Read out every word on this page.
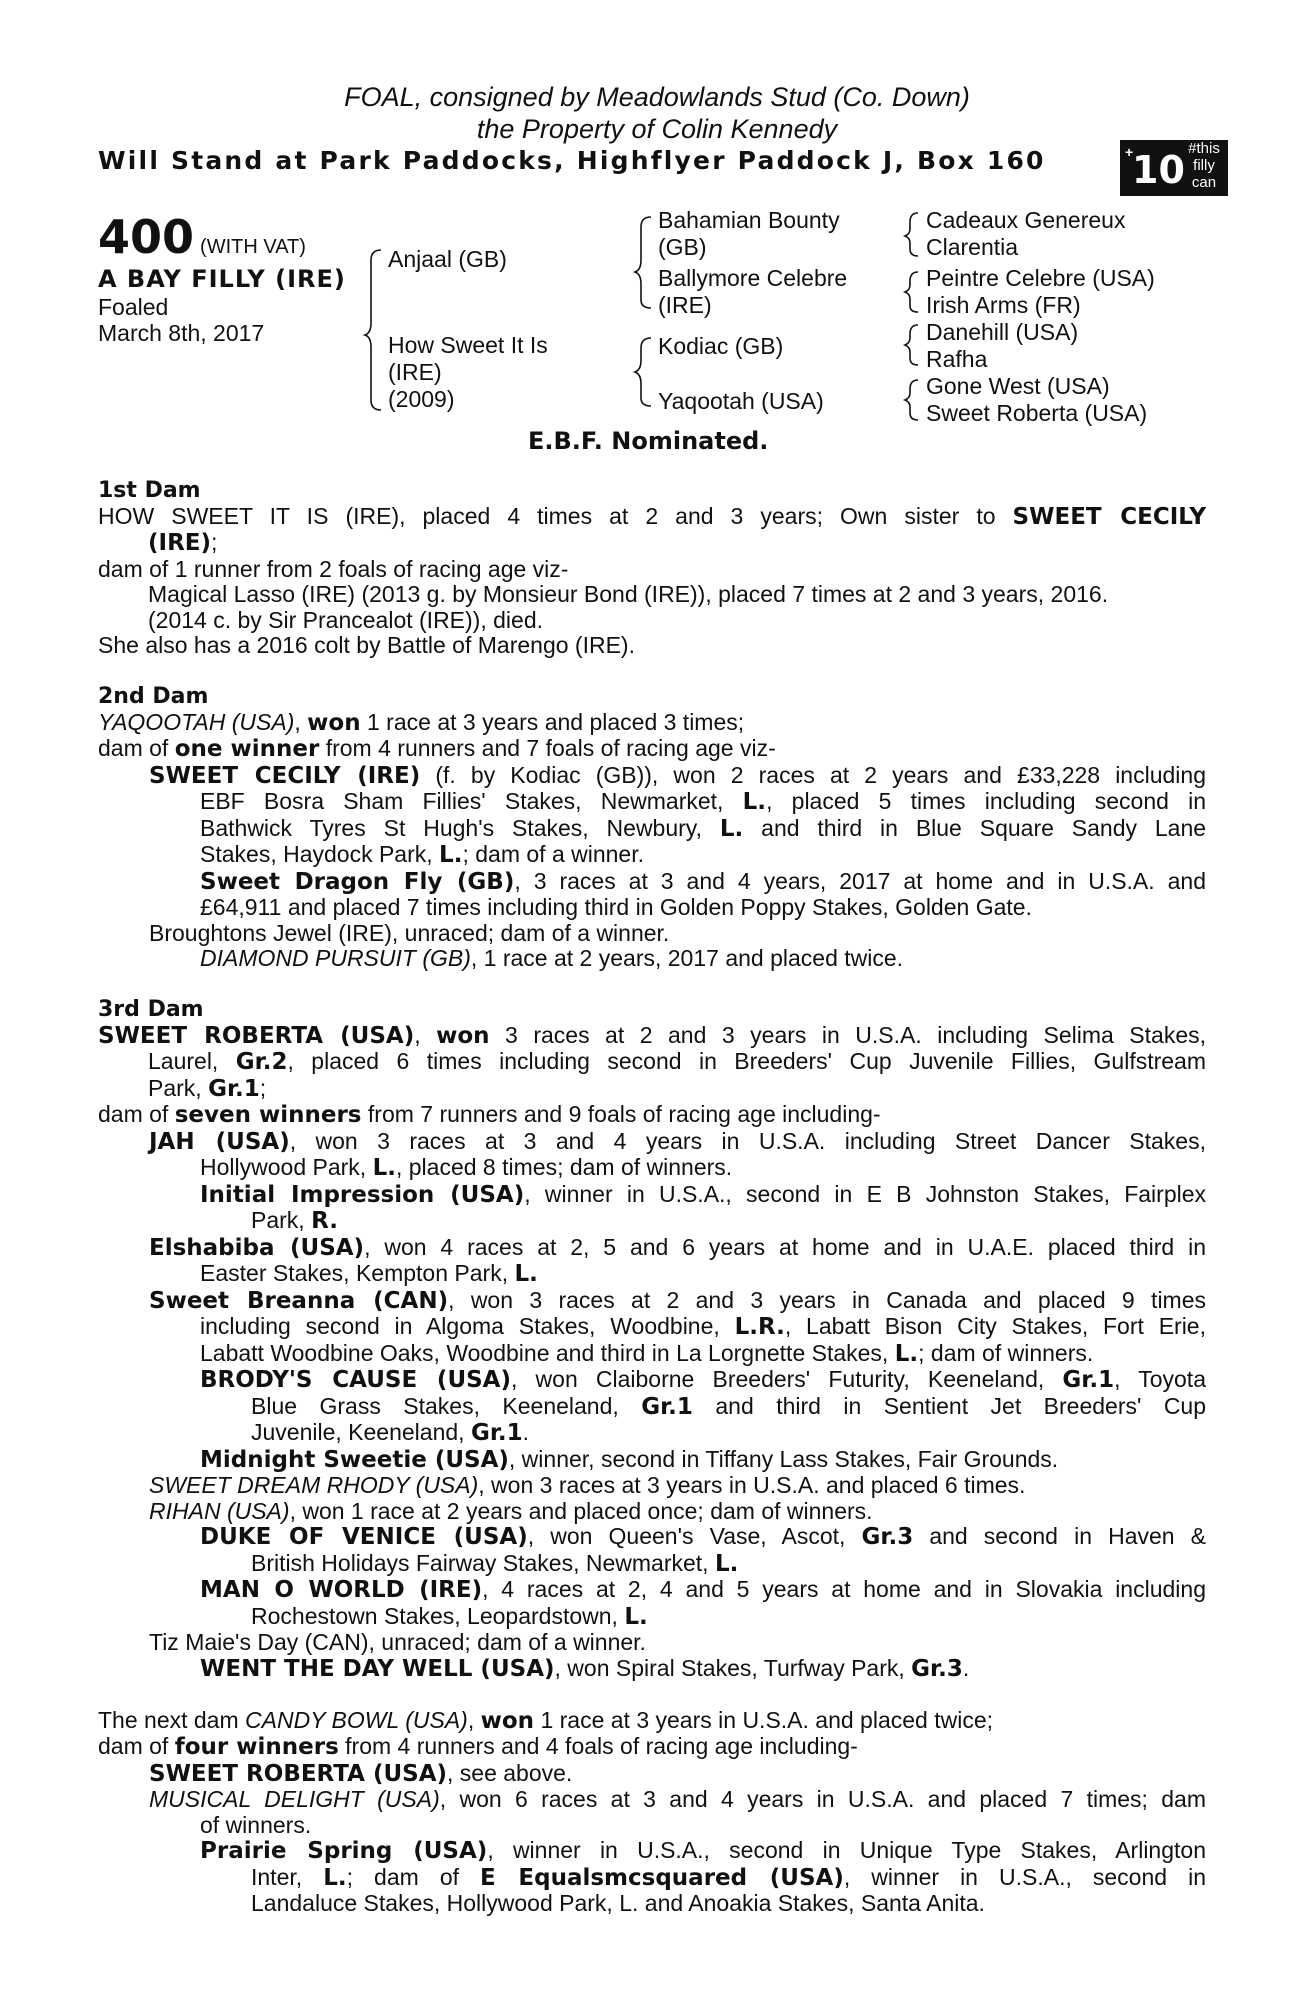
FOAL, consigned by Meadowlands Stud (Co. Down)
the Property of Colin Kennedy
Will Stand at Park Paddocks, Highflyer Paddock J, Box 160	+
10 #this
filly
can
400 (WITH VAT)
A BAY FILLY (IRE)
Foaled
March 8th, 2017
Anjaal (GB)
How Sweet It Is
(IRE)
(2009)
Bahamian Bounty
(GB)
Ballymore Celebre
(IRE)
Kodiac (GB)
Yaqootah (USA)
Cadeaux Genereux
Clarentia
Peintre Celebre (USA)
Irish Arms (FR)
Danehill (USA)
Rafha
Gone West (USA)
Sweet Roberta (USA)
E.B.F. Nominated.
1st Dam
HOW SWEET IT IS (IRE), placed 4 times at 2 and 3 years; Own sister to SWEET CECILY
(IRE);
dam of 1 runner from 2 foals of racing age viz-
Magical Lasso (IRE) (2013 g. by Monsieur Bond (IRE)), placed 7 times at 2 and 3 years, 2016.
(2014 c. by Sir Prancealot (IRE)), died.
She also has a 2016 colt by Battle of Marengo (IRE).
2nd Dam
YAQOOTAH (USA), won 1 race at 3 years and placed 3 times;
dam of one winner from 4 runners and 7 foals of racing age viz-
SWEET CECILY (IRE) (f. by Kodiac (GB)), won 2 races at 2 years and £33,228 including
EBF Bosra Sham Fillies' Stakes, Newmarket, L., placed 5 times including second in
Bathwick Tyres St Hugh's Stakes, Newbury, L. and third in Blue Square Sandy Lane
Stakes, Haydock Park, L.; dam of a winner.
Sweet Dragon Fly (GB), 3 races at 3 and 4 years, 2017 at home and in U.S.A. and
£64,911 and placed 7 times including third in Golden Poppy Stakes, Golden Gate.
Broughtons Jewel (IRE), unraced; dam of a winner.
DIAMOND PURSUIT (GB), 1 race at 2 years, 2017 and placed twice.
3rd Dam
SWEET ROBERTA (USA), won 3 races at 2 and 3 years in U.S.A. including Selima Stakes,
Laurel, Gr.2, placed 6 times including second in Breeders' Cup Juvenile Fillies, Gulfstream
Park, Gr.1;
dam of seven winners from 7 runners and 9 foals of racing age including-
JAH (USA), won 3 races at 3 and 4 years in U.S.A. including Street Dancer Stakes,
Hollywood Park, L., placed 8 times; dam of winners.
Initial Impression (USA), winner in U.S.A., second in E B Johnston Stakes, Fairplex
Park, R.
Elshabiba (USA), won 4 races at 2, 5 and 6 years at home and in U.A.E. placed third in
Easter Stakes, Kempton Park, L.
Sweet Breanna (CAN), won 3 races at 2 and 3 years in Canada and placed 9 times
including second in Algoma Stakes, Woodbine, L.R., Labatt Bison City Stakes, Fort Erie,
Labatt Woodbine Oaks, Woodbine and third in La Lorgnette Stakes, L.; dam of winners.
BRODY'S CAUSE (USA), won Claiborne Breeders' Futurity, Keeneland, Gr.1, Toyota
Blue Grass Stakes, Keeneland, Gr.1 and third in Sentient Jet Breeders' Cup
Juvenile, Keeneland, Gr.1.
Midnight Sweetie (USA), winner, second in Tiffany Lass Stakes, Fair Grounds.
SWEET DREAM RHODY (USA), won 3 races at 3 years in U.S.A. and placed 6 times.
RIHAN (USA), won 1 race at 2 years and placed once; dam of winners.
DUKE OF VENICE (USA), won Queen's Vase, Ascot, Gr.3 and second in Haven &
British Holidays Fairway Stakes, Newmarket, L.
MAN O WORLD (IRE), 4 races at 2, 4 and 5 years at home and in Slovakia including
Rochestown Stakes, Leopardstown, L.
Tiz Maie's Day (CAN), unraced; dam of a winner.
WENT THE DAY WELL (USA), won Spiral Stakes, Turfway Park, Gr.3.
The next dam CANDY BOWL (USA), won 1 race at 3 years in U.S.A. and placed twice;
dam of four winners from 4 runners and 4 foals of racing age including-
SWEET ROBERTA (USA), see above.
MUSICAL DELIGHT (USA), won 6 races at 3 and 4 years in U.S.A. and placed 7 times; dam
of winners.
Prairie Spring (USA), winner in U.S.A., second in Unique Type Stakes, Arlington
Inter, L.; dam of E Equalsmcsquared (USA), winner in U.S.A., second in
Landaluce Stakes, Hollywood Park, L. and Anoakia Stakes, Santa Anita.
